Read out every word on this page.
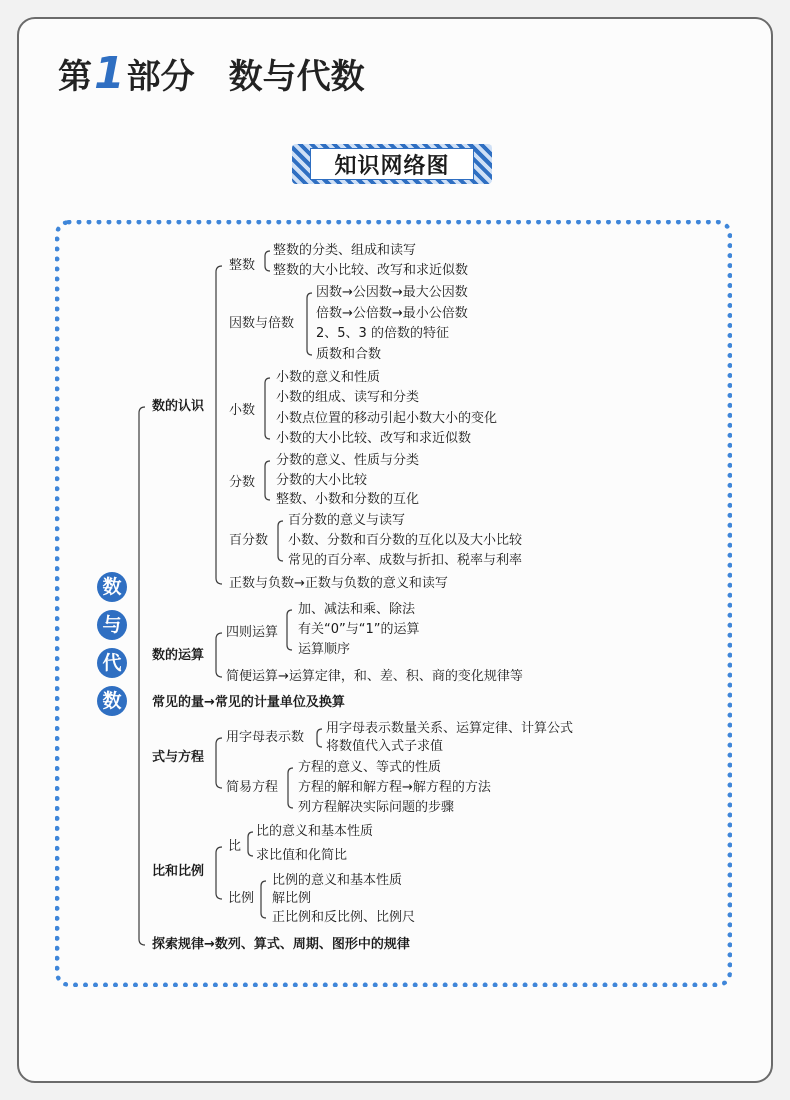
第1部分 数与代数
知识网络图
数
与
代
数
数的认识
整数
整数的分类、组成和读写
整数的大小比较、改写和求近似数
因数与倍数
因数→公因数→最大公因数
倍数→公倍数→最小公倍数
2、5、3 的倍数的特征
质数和合数
小数
小数的意义和性质
小数的组成、读写和分类
小数点位置的移动引起小数大小的变化
小数的大小比较、改写和求近似数
分数
分数的意义、性质与分类
分数的大小比较
整数、小数和分数的互化
百分数
百分数的意义与读写
小数、分数和百分数的互化以及大小比较
常见的百分率、成数与折扣、税率与利率
正数与负数→正数与负数的意义和读写
数的运算
四则运算
加、减法和乘、除法
有关“0”与“1”的运算
运算顺序
简便运算→运算定律，和、差、积、商的变化规律等
常见的量→常见的计量单位及换算
式与方程
用字母表示数
用字母表示数量关系、运算定律、计算公式
将数值代入式子求值
简易方程
方程的意义、等式的性质
方程的解和解方程→解方程的方法
列方程解决实际问题的步骤
比和比例
比
比的意义和基本性质
求比值和化简比
比例
比例的意义和基本性质
解比例
正比例和反比例、比例尺
探索规律→数列、算式、周期、图形中的规律
